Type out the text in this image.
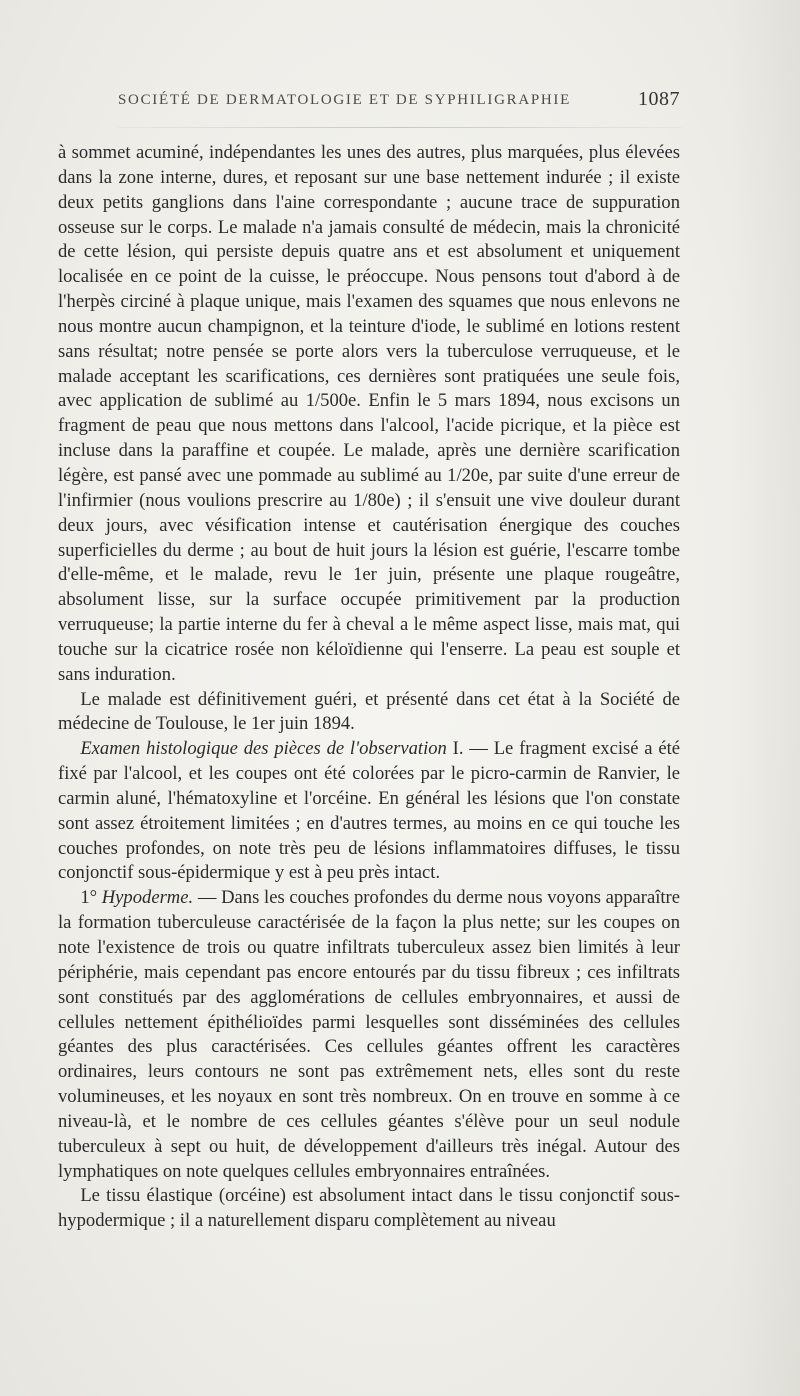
SOCIÉTÉ DE DERMATOLOGIE ET DE SYPHILIGRAPHIE	1087

à sommet acuminé, indépendantes les unes des autres, plus marquées, plus élevées dans la zone interne, dures, et reposant sur une base nettement indurée ; il existe deux petits ganglions dans l'aine correspondante ; aucune trace de suppuration osseuse sur le corps. Le malade n'a jamais consulté de médecin, mais la chronicité de cette lésion, qui persiste depuis quatre ans et est absolument et uniquement localisée en ce point de la cuisse, le préoccupe. Nous pensons tout d'abord à de l'herpès circiné à plaque unique, mais l'examen des squames que nous enlevons ne nous montre aucun champignon, et la teinture d'iode, le sublimé en lotions restent sans résultat; notre pensée se porte alors vers la tuberculose verruqueuse, et le malade acceptant les scarifications, ces dernières sont pratiquées une seule fois, avec application de sublimé au 1/500e. Enfin le 5 mars 1894, nous excisons un fragment de peau que nous mettons dans l'alcool, l'acide picrique, et la pièce est incluse dans la paraffine et coupée. Le malade, après une dernière scarification légère, est pansé avec une pommade au sublimé au 1/20e, par suite d'une erreur de l'infirmier (nous voulions prescrire au 1/80e) ; il s'ensuit une vive douleur durant deux jours, avec vésification intense et cautérisation énergique des couches superficielles du derme ; au bout de huit jours la lésion est guérie, l'escarre tombe d'elle-même, et le malade, revu le 1er juin, présente une plaque rougeâtre, absolument lisse, sur la surface occupée primitivement par la production verruqueuse; la partie interne du fer à cheval a le même aspect lisse, mais mat, qui touche sur la cicatrice rosée non kéloïdienne qui l'enserre. La peau est souple et sans induration.

Le malade est définitivement guéri, et présenté dans cet état à la Société de médecine de Toulouse, le 1er juin 1894.

Examen histologique des pièces de l'observation I. — Le fragment excisé a été fixé par l'alcool, et les coupes ont été colorées par le picro-carmin de Ranvier, le carmin aluné, l'hématoxyline et l'orcéine. En général les lésions que l'on constate sont assez étroitement limitées ; en d'autres termes, au moins en ce qui touche les couches profondes, on note très peu de lésions inflammatoires diffuses, le tissu conjonctif sous-épidermique y est à peu près intact.

1° Hypoderme. — Dans les couches profondes du derme nous voyons apparaître la formation tuberculeuse caractérisée de la façon la plus nette; sur les coupes on note l'existence de trois ou quatre infiltrats tuberculeux assez bien limités à leur périphérie, mais cependant pas encore entourés par du tissu fibreux ; ces infiltrats sont constitués par des agglomérations de cellules embryonnaires, et aussi de cellules nettement épithélioïdes parmi lesquelles sont disséminées des cellules géantes des plus caractérisées. Ces cellules géantes offrent les caractères ordinaires, leurs contours ne sont pas extrêmement nets, elles sont du reste volumineuses, et les noyaux en sont très nombreux. On en trouve en somme à ce niveau-là, et le nombre de ces cellules géantes s'élève pour un seul nodule tuberculeux à sept ou huit, de développement d'ailleurs très inégal. Autour des lymphatiques on note quelques cellules embryonnaires entraînées.

Le tissu élastique (orcéine) est absolument intact dans le tissu conjonctif sous-hypodermique ; il a naturellement disparu complètement au niveau
